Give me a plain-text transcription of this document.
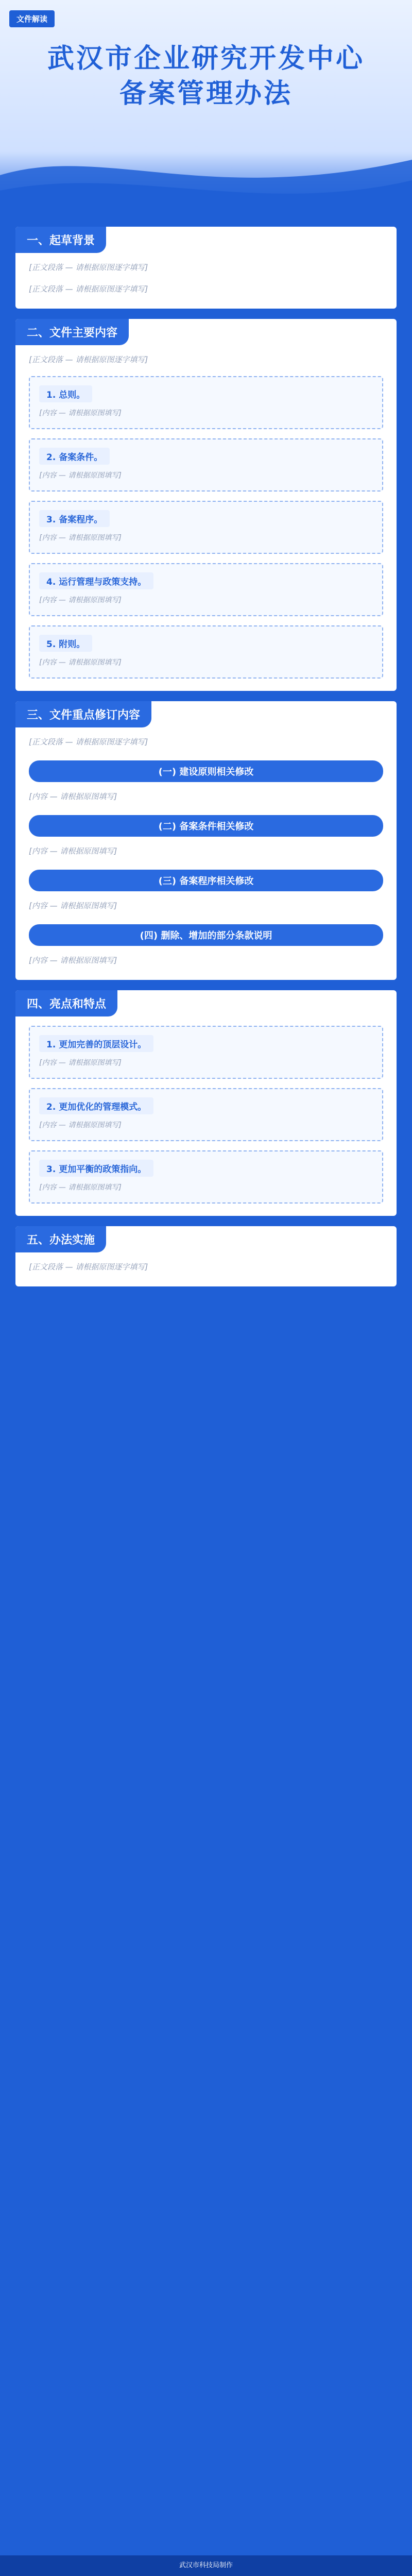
文件解读
武汉市企业研究开发中心
备案管理办法
一、起草背景

[正文段落 — 请根据原图逐字填写]

[正文段落 — 请根据原图逐字填写]

二、文件主要内容

[正文段落 — 请根据原图逐字填写]

1. 总则。
[内容 — 请根据原图填写]
2. 备案条件。
[内容 — 请根据原图填写]
3. 备案程序。
[内容 — 请根据原图填写]
4. 运行管理与政策支持。
[内容 — 请根据原图填写]
5. 附则。
[内容 — 请根据原图填写]
三、文件重点修订内容

[正文段落 — 请根据原图逐字填写]

(一) 建设原则相关修改

[内容 — 请根据原图填写]

(二) 备案条件相关修改

[内容 — 请根据原图填写]

(三) 备案程序相关修改

[内容 — 请根据原图填写]

(四) 删除、增加的部分条款说明

[内容 — 请根据原图填写]

四、亮点和特点
1. 更加完善的顶层设计。
[内容 — 请根据原图填写]
2. 更加优化的管理模式。
[内容 — 请根据原图填写]
3. 更加平衡的政策指向。
[内容 — 请根据原图填写]
五、办法实施

[正文段落 — 请根据原图逐字填写]

武汉市科技局制作
